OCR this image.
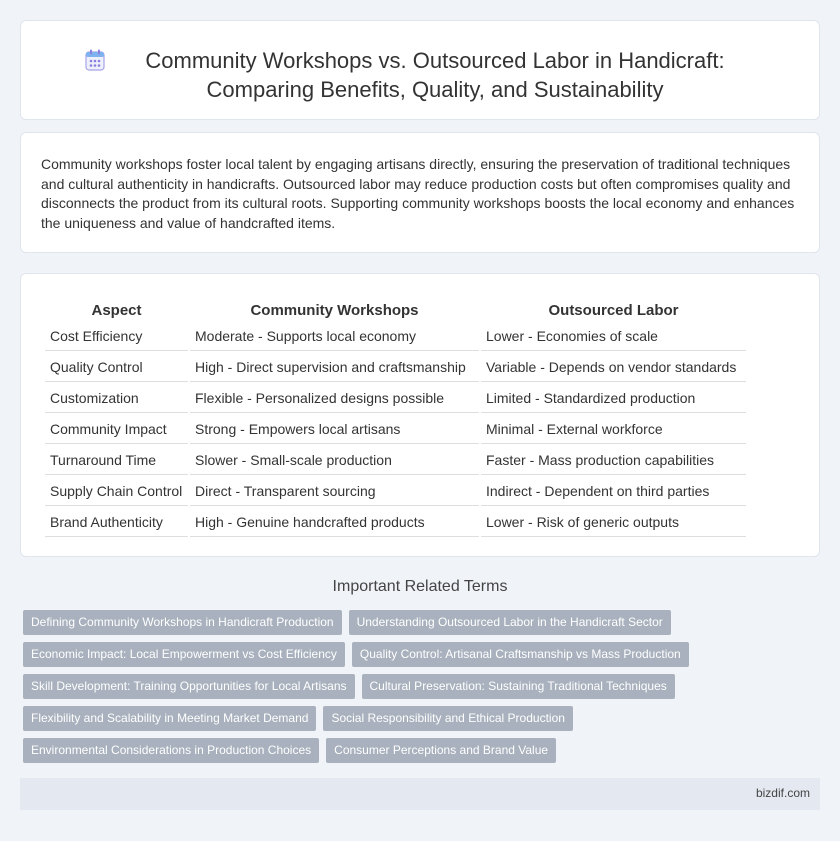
Community Workshops vs. Outsourced Labor in Handicraft:
Comparing Benefits, Quality, and Sustainability

Community workshops foster local talent by engaging artisans directly, ensuring the preservation of traditional techniques and cultural authenticity in handicrafts. Outsourced labor may reduce production costs but often compromises quality and disconnects the product from its cultural roots. Supporting community workshops boosts the local economy and enhances the uniqueness and value of handcrafted items.

Aspect	Community Workshops	Outsourced Labor
Cost Efficiency	Moderate - Supports local economy	Lower - Economies of scale
Quality Control	High - Direct supervision and craftsmanship	Variable - Depends on vendor standards
Customization	Flexible - Personalized designs possible	Limited - Standardized production
Community Impact	Strong - Empowers local artisans	Minimal - External workforce
Turnaround Time	Slower - Small-scale production	Faster - Mass production capabilities
Supply Chain Control	Direct - Transparent sourcing	Indirect - Dependent on third parties
Brand Authenticity	High - Genuine handcrafted products	Lower - Risk of generic outputs
Important Related Terms
Defining Community Workshops in Handicraft Production	Understanding Outsourced Labor in the Handicraft Sector
Economic Impact: Local Empowerment vs Cost Efficiency	Quality Control: Artisanal Craftsmanship vs Mass Production
Skill Development: Training Opportunities for Local Artisans	Cultural Preservation: Sustaining Traditional Techniques
Flexibility and Scalability in Meeting Market Demand	Social Responsibility and Ethical Production
Environmental Considerations in Production Choices	Consumer Perceptions and Brand Value
bizdif.com
